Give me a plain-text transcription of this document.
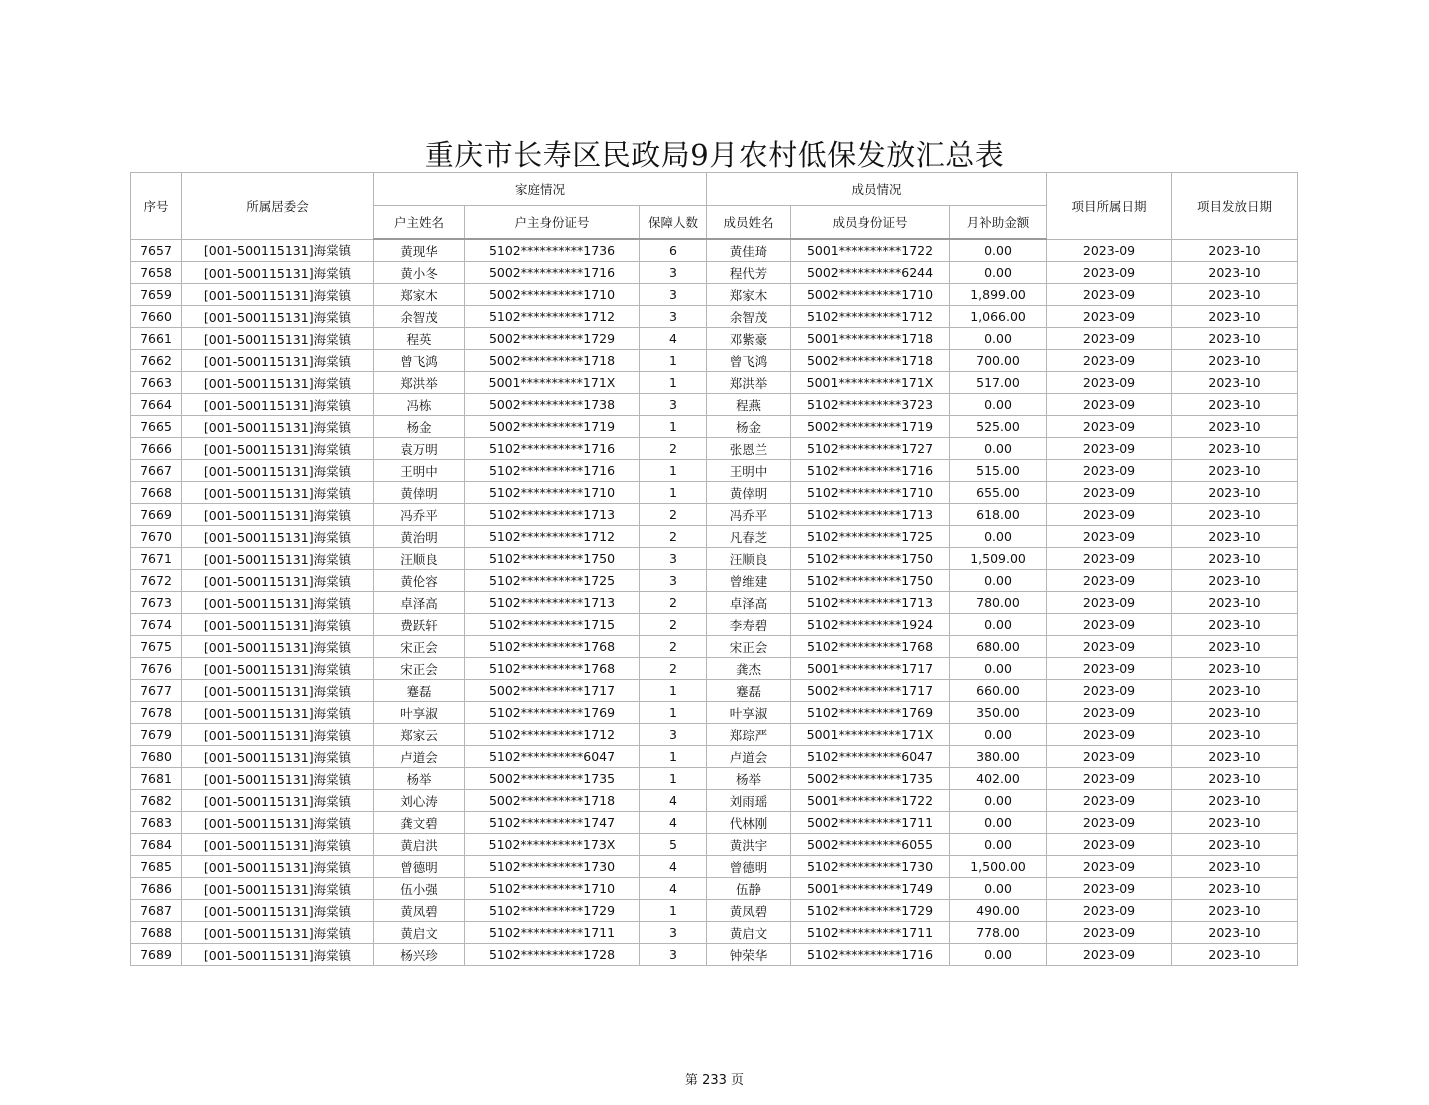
重庆市长寿区民政局9月农村低保发放汇总表
序号	所属居委会	家庭情况			成员情况			项目所属日期	项目发放日期
		户主姓名	户主身份证号	保障人数	成员姓名	成员身份证号	月补助金额		
7657	[001-500115131]海棠镇	黄现华	5102**********1736	6	黄佳琦	5001**********1722	0.00	2023-09	2023-10
7658	[001-500115131]海棠镇	黄小冬	5002**********1716	3	程代芳	5002**********6244	0.00	2023-09	2023-10
7659	[001-500115131]海棠镇	郑家木	5002**********1710	3	郑家木	5002**********1710	1,899.00	2023-09	2023-10
7660	[001-500115131]海棠镇	余智茂	5102**********1712	3	余智茂	5102**********1712	1,066.00	2023-09	2023-10
7661	[001-500115131]海棠镇	程英	5002**********1729	4	邓紫豪	5001**********1718	0.00	2023-09	2023-10
7662	[001-500115131]海棠镇	曾飞鸿	5002**********1718	1	曾飞鸿	5002**********1718	700.00	2023-09	2023-10
7663	[001-500115131]海棠镇	郑洪举	5001**********171X	1	郑洪举	5001**********171X	517.00	2023-09	2023-10
7664	[001-500115131]海棠镇	冯栋	5002**********1738	3	程燕	5102**********3723	0.00	2023-09	2023-10
7665	[001-500115131]海棠镇	杨金	5002**********1719	1	杨金	5002**********1719	525.00	2023-09	2023-10
7666	[001-500115131]海棠镇	袁万明	5102**********1716	2	张恩兰	5102**********1727	0.00	2023-09	2023-10
7667	[001-500115131]海棠镇	王明中	5102**********1716	1	王明中	5102**********1716	515.00	2023-09	2023-10
7668	[001-500115131]海棠镇	黄倖明	5102**********1710	1	黄倖明	5102**********1710	655.00	2023-09	2023-10
7669	[001-500115131]海棠镇	冯乔平	5102**********1713	2	冯乔平	5102**********1713	618.00	2023-09	2023-10
7670	[001-500115131]海棠镇	黄治明	5102**********1712	2	凡春芝	5102**********1725	0.00	2023-09	2023-10
7671	[001-500115131]海棠镇	汪顺良	5102**********1750	3	汪顺良	5102**********1750	1,509.00	2023-09	2023-10
7672	[001-500115131]海棠镇	黄伦容	5102**********1725	3	曾维建	5102**********1750	0.00	2023-09	2023-10
7673	[001-500115131]海棠镇	卓泽高	5102**********1713	2	卓泽高	5102**********1713	780.00	2023-09	2023-10
7674	[001-500115131]海棠镇	费跃轩	5102**********1715	2	李寿碧	5102**********1924	0.00	2023-09	2023-10
7675	[001-500115131]海棠镇	宋正会	5102**********1768	2	宋正会	5102**********1768	680.00	2023-09	2023-10
7676	[001-500115131]海棠镇	宋正会	5102**********1768	2	龚杰	5001**********1717	0.00	2023-09	2023-10
7677	[001-500115131]海棠镇	蹇磊	5002**********1717	1	蹇磊	5002**********1717	660.00	2023-09	2023-10
7678	[001-500115131]海棠镇	叶享淑	5102**********1769	1	叶享淑	5102**********1769	350.00	2023-09	2023-10
7679	[001-500115131]海棠镇	郑家云	5102**********1712	3	郑琮严	5001**********171X	0.00	2023-09	2023-10
7680	[001-500115131]海棠镇	卢道会	5102**********6047	1	卢道会	5102**********6047	380.00	2023-09	2023-10
7681	[001-500115131]海棠镇	杨举	5002**********1735	1	杨举	5002**********1735	402.00	2023-09	2023-10
7682	[001-500115131]海棠镇	刘心涛	5002**********1718	4	刘雨瑶	5001**********1722	0.00	2023-09	2023-10
7683	[001-500115131]海棠镇	龚文碧	5102**********1747	4	代林刚	5002**********1711	0.00	2023-09	2023-10
7684	[001-500115131]海棠镇	黄启洪	5102**********173X	5	黄洪宇	5002**********6055	0.00	2023-09	2023-10
7685	[001-500115131]海棠镇	曾德明	5102**********1730	4	曾德明	5102**********1730	1,500.00	2023-09	2023-10
7686	[001-500115131]海棠镇	伍小强	5102**********1710	4	伍静	5001**********1749	0.00	2023-09	2023-10
7687	[001-500115131]海棠镇	黄凤碧	5102**********1729	1	黄凤碧	5102**********1729	490.00	2023-09	2023-10
7688	[001-500115131]海棠镇	黄启文	5102**********1711	3	黄启文	5102**********1711	778.00	2023-09	2023-10
7689	[001-500115131]海棠镇	杨兴珍	5102**********1728	3	钟荣华	5102**********1716	0.00	2023-09	2023-10
第 233 页
